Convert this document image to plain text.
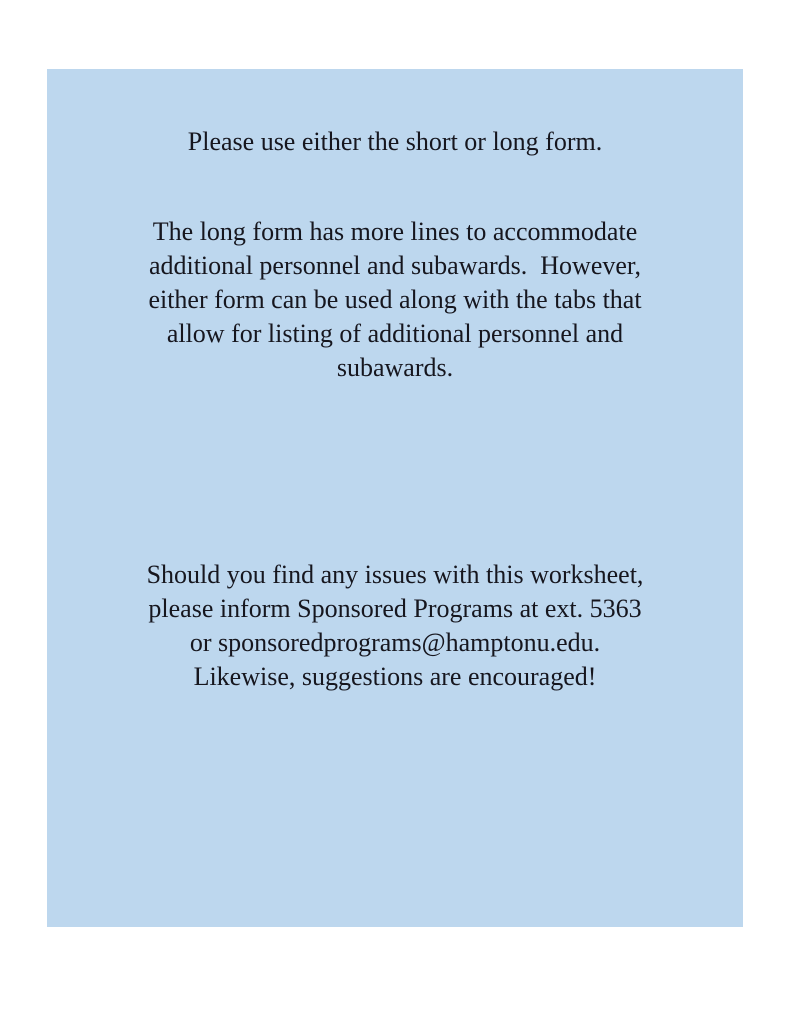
Please use either the short or long form.
The long form has more lines to accommodate
additional personnel and subawards.  However,
either form can be used along with the tabs that
allow for listing of additional personnel and
subawards.
Should you find any issues with this worksheet,
please inform Sponsored Programs at ext. 5363
or sponsoredprograms@hamptonu.edu.
Likewise, suggestions are encouraged!
